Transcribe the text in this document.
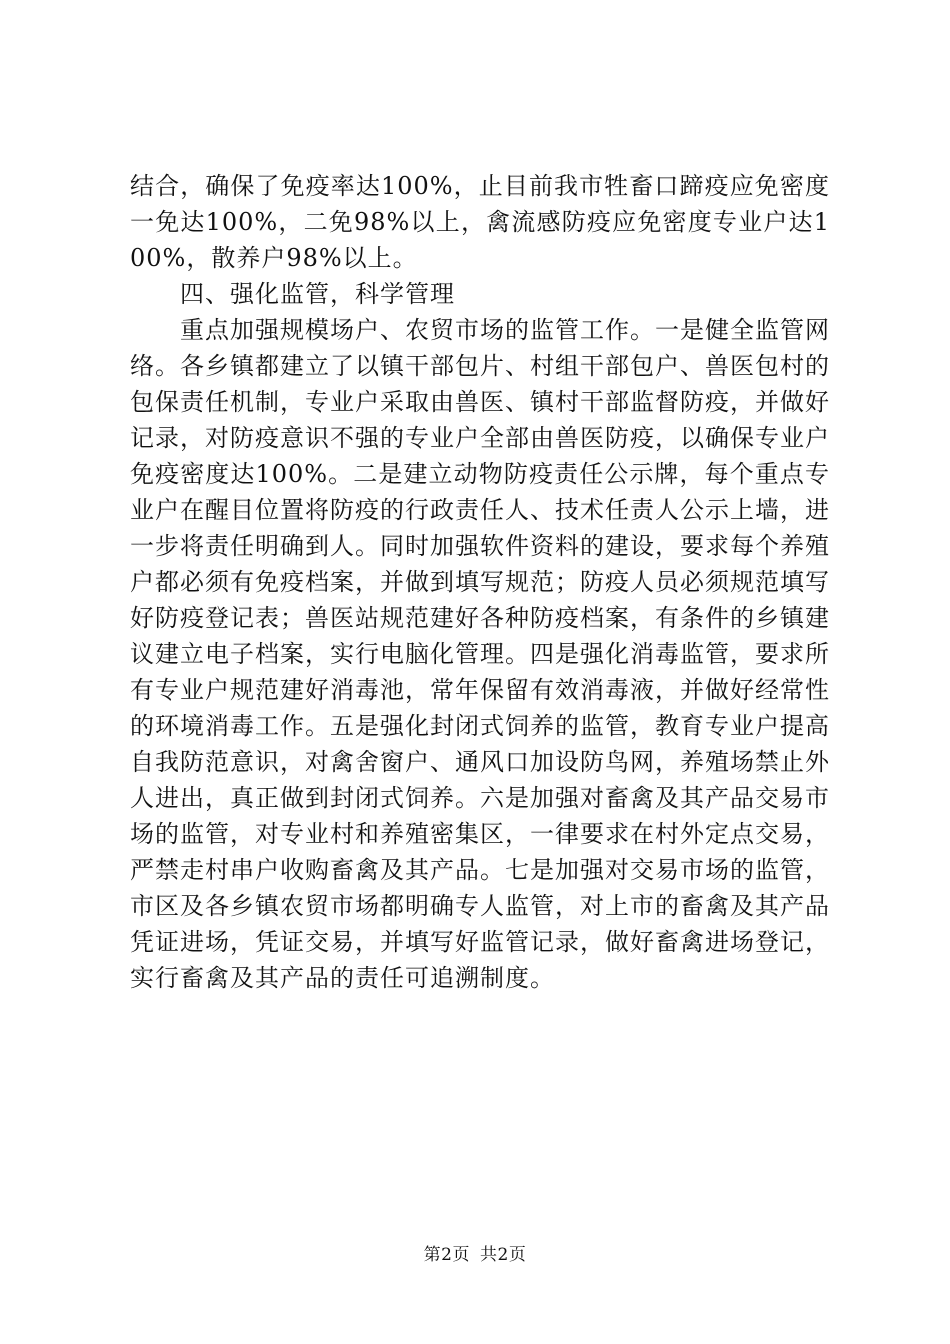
结合，确保了免疫率达100%，止目前我市牲畜口蹄疫应免密度一免达100%，二免98%以上，禽流感防疫应免密度专业户达100%，散养户98%以上。

四、强化监管，科学管理

重点加强规模场户、农贸市场的监管工作。一是健全监管网络。各乡镇都建立了以镇干部包片、村组干部包户、兽医包村的包保责任机制，专业户采取由兽医、镇村干部监督防疫，并做好记录，对防疫意识不强的专业户全部由兽医防疫，以确保专业户免疫密度达100%。二是建立动物防疫责任公示牌，每个重点专业户在醒目位置将防疫的行政责任人、技术任责人公示上墙，进一步将责任明确到人。同时加强软件资料的建设，要求每个养殖户都必须有免疫档案，并做到填写规范；防疫人员必须规范填写好防疫登记表；兽医站规范建好各种防疫档案，有条件的乡镇建议建立电子档案，实行电脑化管理。四是强化消毒监管，要求所有专业户规范建好消毒池，常年保留有效消毒液，并做好经常性的环境消毒工作。五是强化封闭式饲养的监管，教育专业户提高自我防范意识，对禽舍窗户、通风口加设防鸟网，养殖场禁止外人进出，真正做到封闭式饲养。六是加强对畜禽及其产品交易市场的监管，对专业村和养殖密集区，一律要求在村外定点交易，严禁走村串户收购畜禽及其产品。七是加强对交易市场的监管，市区及各乡镇农贸市场都明确专人监管，对上市的畜禽及其产品凭证进场，凭证交易，并填写好监管记录，做好畜禽进场登记，实行畜禽及其产品的责任可追溯制度。

第2页 共2页
